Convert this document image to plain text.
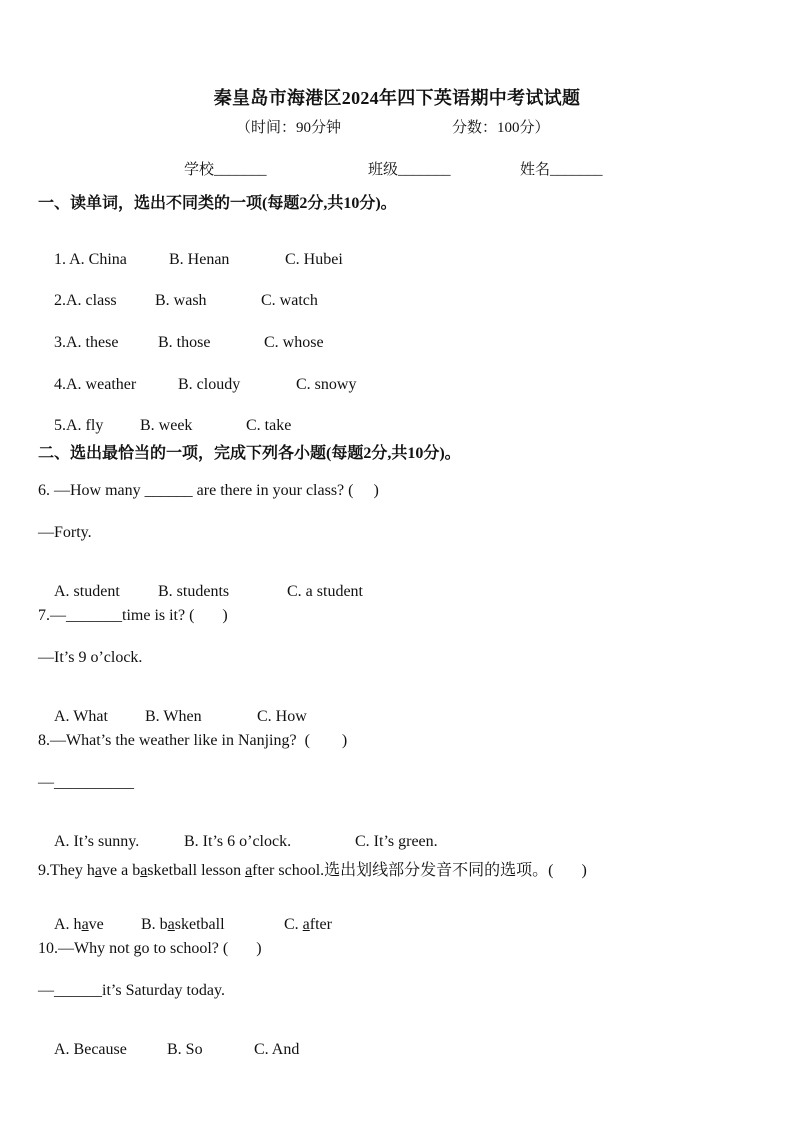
秦皇岛市海港区2024年四下英语期中考试试题
（时间：90分钟	分数：100分）
学校_______	班级_______	姓名_______
一、读单词，选出不同类的一项(每题2分,共10分)。

1. A. China	B. Henan	C. Hubei

2.A. class B. wash	C. watch

3.A. these B. those	C. whose

4.A. weather	B. cloudy	C. snowy

5.A. fly B. week	C. take

二、选出最恰当的一项，完成下列各小题(每题2分,共10分)。
6. —How many ______ are there in your class? (     )
—Forty.

A. student B. students	C. a student

7.—_______time is it? (       )
—It’s 9 o’clock.

A. What B. When	C. How

8.—What’s the weather like in Nanjing?  (        )
—__________

A. It’s sunny.	B. It’s 6 o’clock.	C. It’s green.

9.They have a basketball lesson after school.选出划线部分发音不同的选项。(       )

A. have B. basketball	C. after

10.—Why not go to school? (       )
—______it’s Saturday today.

A. Because	B. So	C. And
